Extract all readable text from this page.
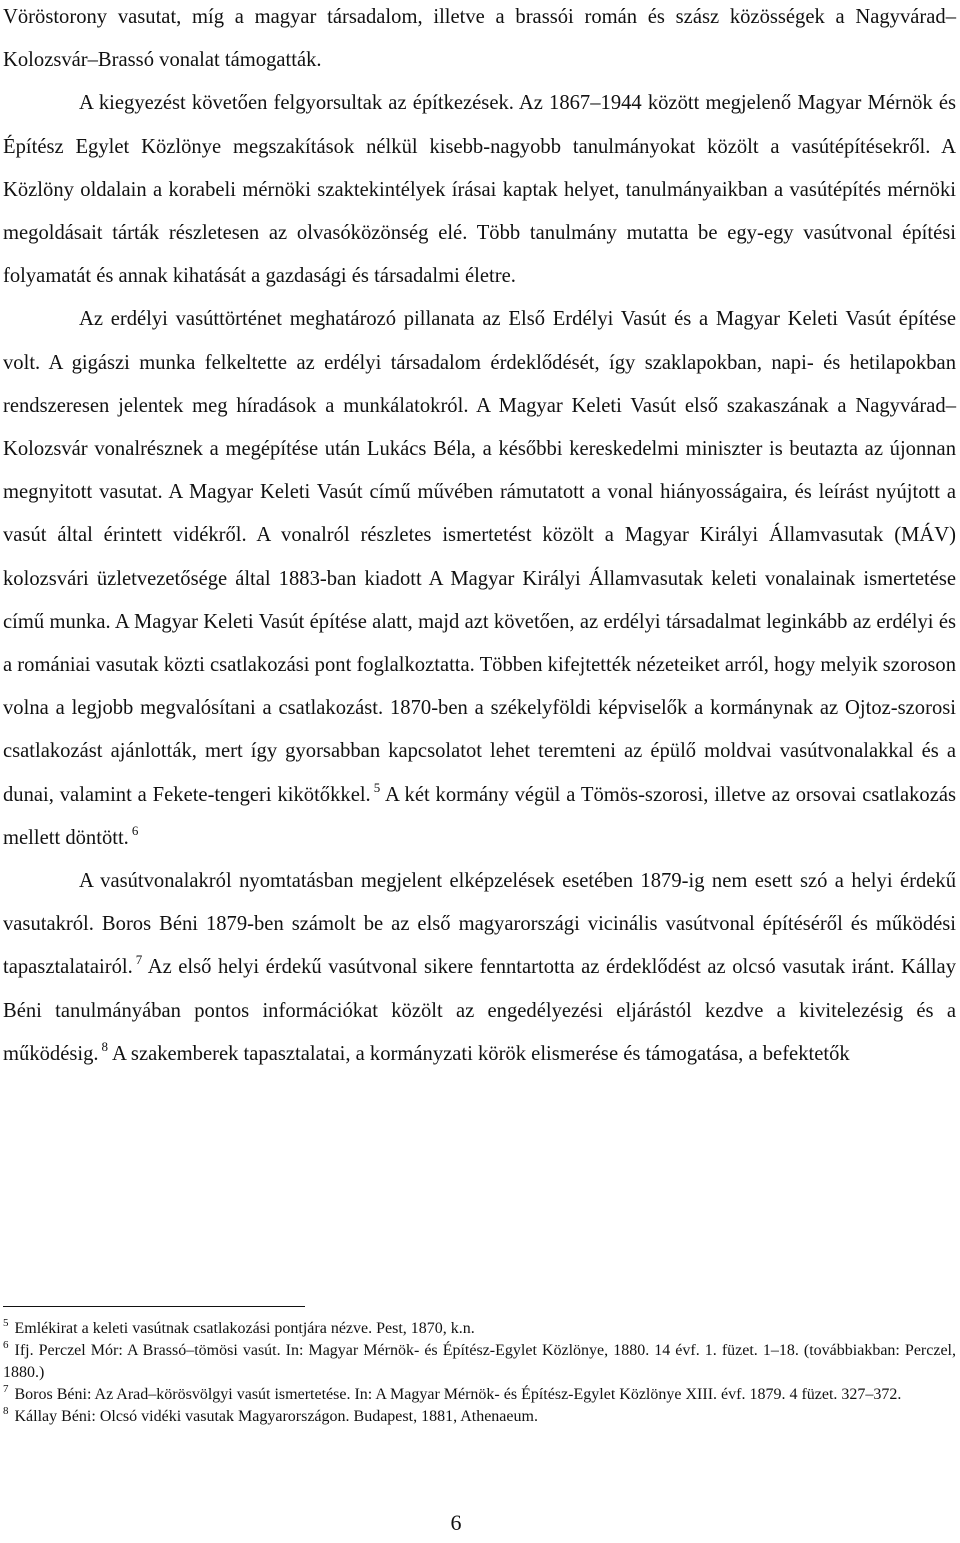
Vöröstorony vasutat, míg a magyar társadalom, illetve a brassói román és szász közösségek a Nagyvárad–Kolozsvár–Brassó vonalat támogatták.

A kiegyezést követően felgyorsultak az építkezések. Az 1867–1944 között megjelenő Magyar Mérnök és Építész Egylet Közlönye megszakítások nélkül kisebb-nagyobb tanulmányokat közölt a vasútépítésekről. A Közlöny oldalain a korabeli mérnöki szaktekintélyek írásai kaptak helyet, tanulmányaikban a vasútépítés mérnöki megoldásait tárták részletesen az olvasóközönség elé. Több tanulmány mutatta be egy-egy vasútvonal építési folyamatát és annak kihatását a gazdasági és társadalmi életre.

Az erdélyi vasúttörténet meghatározó pillanata az Első Erdélyi Vasút és a Magyar Keleti Vasút építése volt. A gigászi munka felkeltette az erdélyi társadalom érdeklődését, így szaklapokban, napi- és hetilapokban rendszeresen jelentek meg híradások a munkálatokról. A Magyar Keleti Vasút első szakaszának a Nagyvárad–Kolozsvár vonalrésznek a megépítése után Lukács Béla, a későbbi kereskedelmi miniszter is beutazta az újonnan megnyitott vasutat. A Magyar Keleti Vasút című művében rámutatott a vonal hiányosságaira, és leírást nyújtott a vasút által érintett vidékről. A vonalról részletes ismertetést közölt a Magyar Királyi Államvasutak (MÁV) kolozsvári üzletvezetősége által 1883-ban kiadott A Magyar Királyi Államvasutak keleti vonalainak ismertetése című munka. A Magyar Keleti Vasút építése alatt, majd azt követően, az erdélyi társadalmat leginkább az erdélyi és a romániai vasutak közti csatlakozási pont foglalkoztatta. Többen kifejtették nézeteiket arról, hogy melyik szoroson volna a legjobb megvalósítani a csatlakozást. 1870-ben a székelyföldi képviselők a kormánynak az Ojtoz-szorosi csatlakozást ajánlották, mert így gyorsabban kapcsolatot lehet teremteni az épülő moldvai vasútvonalakkal és a dunai, valamint a Fekete-tengeri kikötőkkel. $^5$ A két kormány végül a Tömös-szorosi, illetve az orsovai csatlakozás mellett döntött. $^6$

A vasútvonalakról nyomtatásban megjelent elképzelések esetében 1879-ig nem esett szó a helyi érdekű vasutakról. Boros Béni 1879-ben számolt be az első magyarországi vicinális vasútvonal építéséről és működési tapasztalatairól. $^7$ Az első helyi érdekű vasútvonal sikere fenntartotta az érdeklődést az olcsó vasutak iránt. Kállay Béni tanulmányában pontos információkat közölt az engedélyezési eljárástól kezdve a kivitelezésig és a működésig. $^8$ A szakemberek tapasztalatai, a kormányzati körök elismerése és támogatása, a befektetők

$^5$ Emlékirat a keleti vasútnak csatlakozási pontjára nézve. Pest, 1870, k.n.

$^6$ Ifj. Perczel Mór: A Brassó–tömösi vasút. In: Magyar Mérnök- és Építész-Egylet Közlönye, 1880. 14 évf. 1. füzet. 1–18. (továbbiakban: Perczel, 1880.)

$^7$ Boros Béni: Az Arad–körösvölgyi vasút ismertetése. In: A Magyar Mérnök- és Építész-Egylet Közlönye XIII. évf. 1879. 4 füzet. 327–372.

$^8$ Kállay Béni: Olcsó vidéki vasutak Magyarországon. Budapest, 1881, Athenaeum.

6
